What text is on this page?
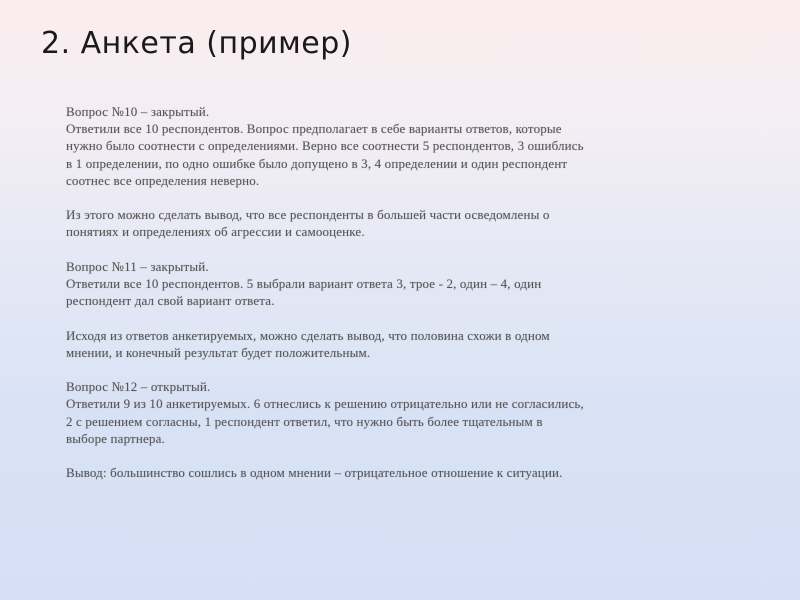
2. Анкета (пример)

Вопрос №10 – закрытый.
Ответили все 10 респондентов. Вопрос предполагает в себе варианты ответов, которые
нужно было соотнести с определениями. Верно все соотнести 5 респондентов, 3 ошиблись
в 1 определении, по одно ошибке было допущено в 3, 4 определении и один респондент
соотнес все определения неверно.

Из этого можно сделать вывод, что все респонденты в большей части осведомлены о
понятиях и определениях об агрессии и самооценке.

Вопрос №11 – закрытый.
Ответили все 10 респондентов. 5 выбрали вариант ответа 3, трое - 2, один – 4, один
респондент дал свой вариант ответа.

Исходя из ответов анкетируемых, можно сделать вывод, что половина схожи в одном
мнении, и конечный результат будет положительным.

Вопрос №12 – открытый.
Ответили 9 из 10 анкетируемых. 6 отнеслись к решению отрицательно или не согласились,
2 с решением согласны, 1 респондент ответил, что нужно быть более тщательным в
выборе партнера.

Вывод: большинство сошлись в одном мнении – отрицательное отношение к ситуации.
